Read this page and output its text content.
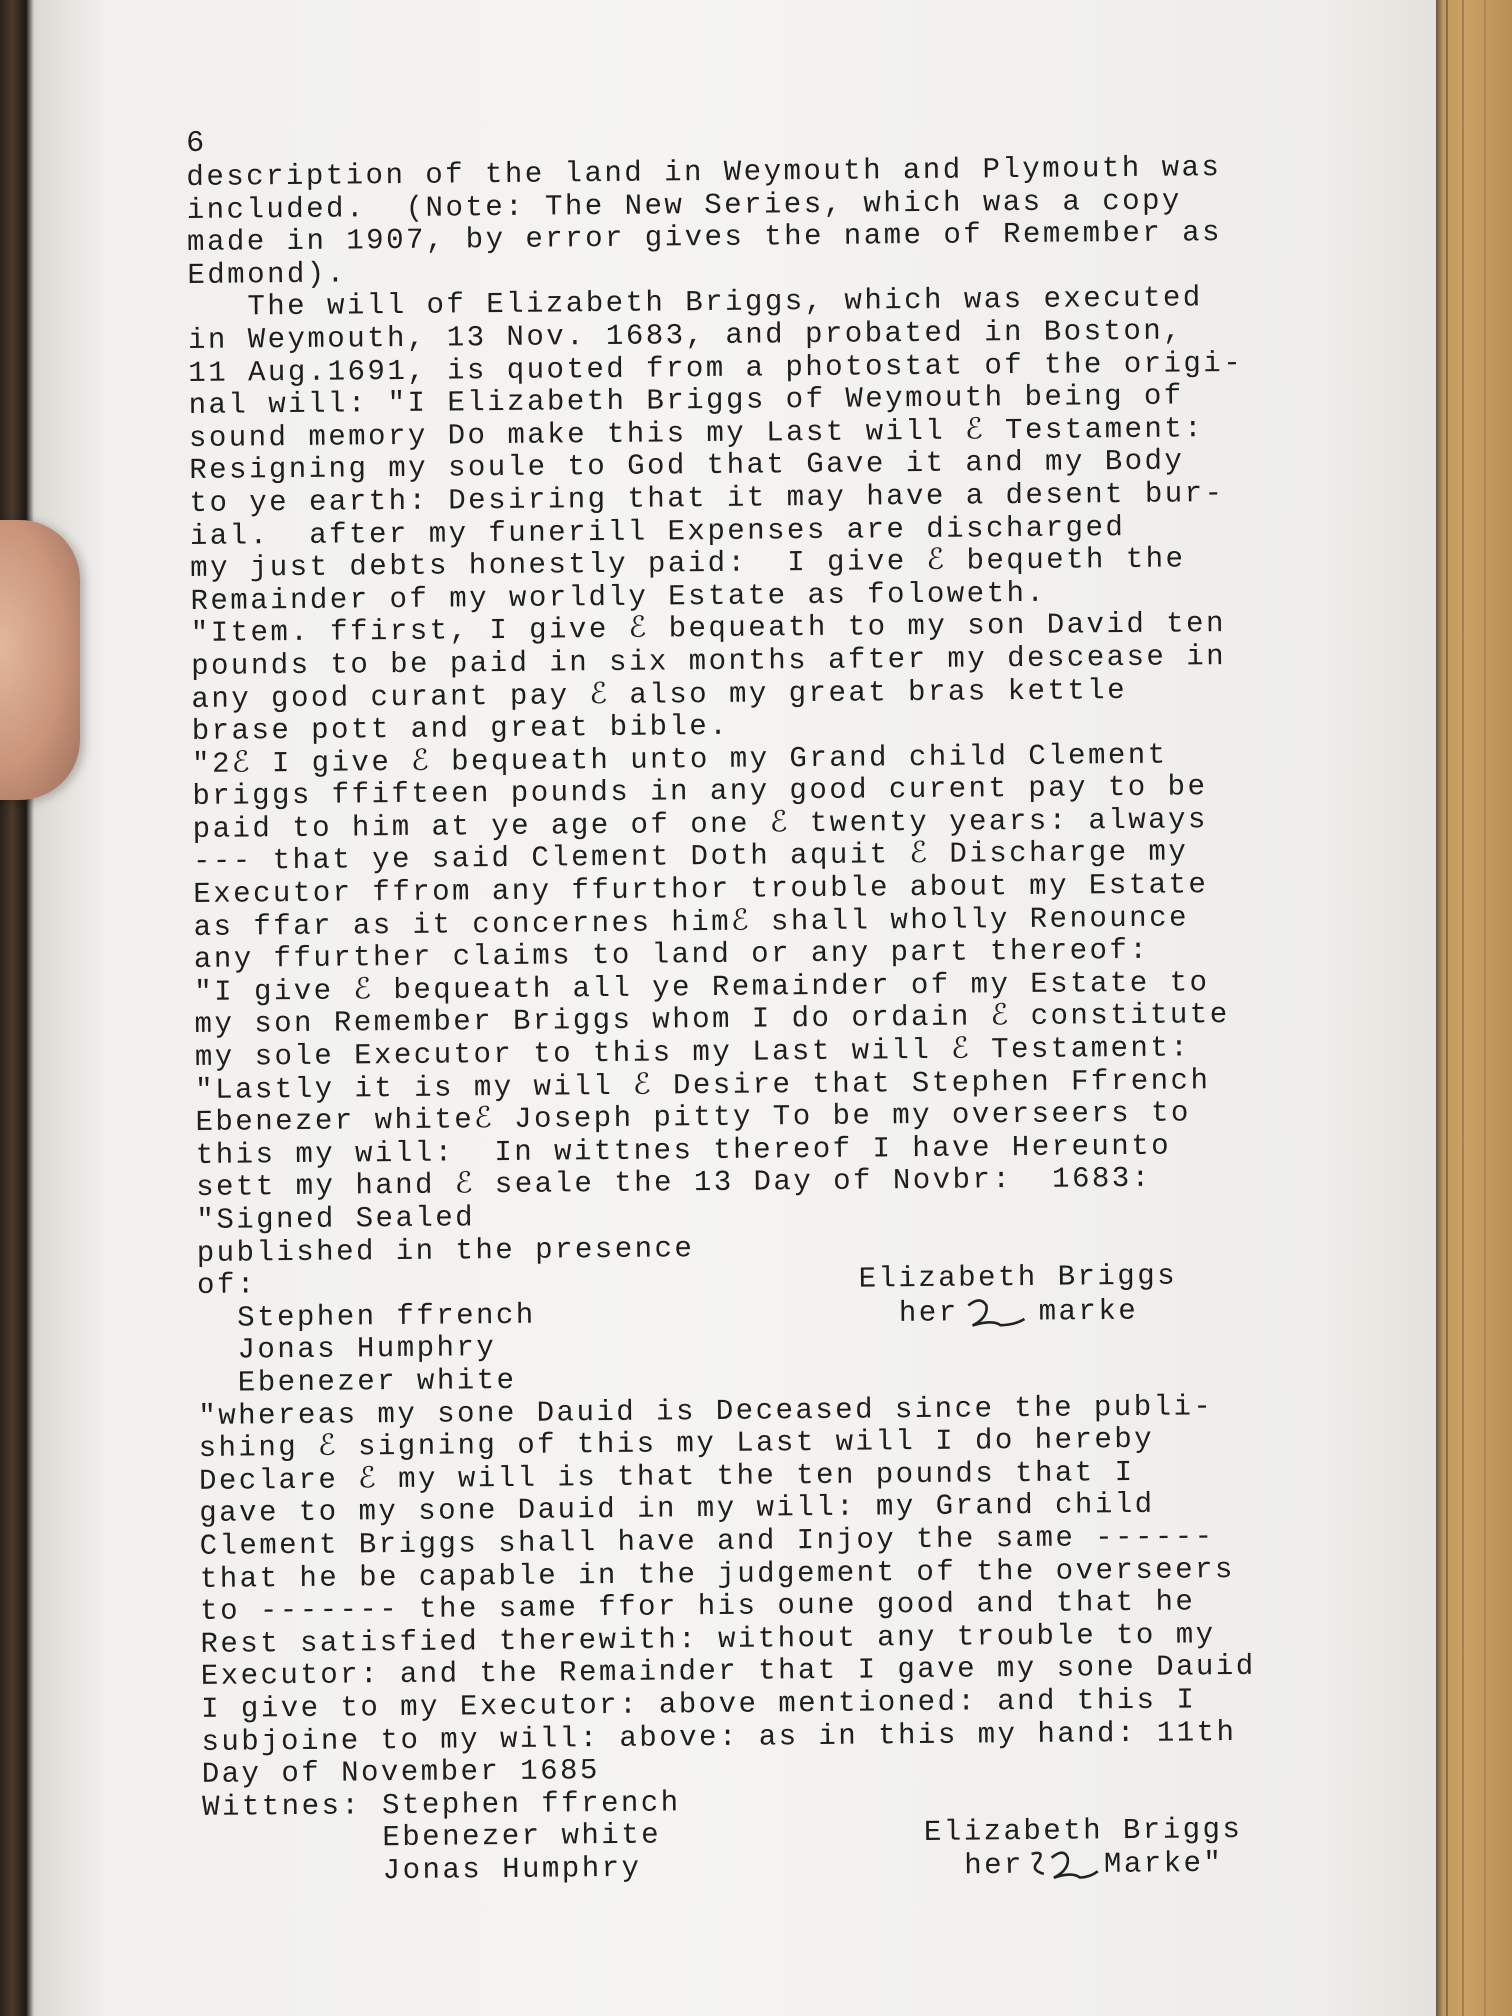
6
description of the land in Weymouth and Plymouth was
included.  (Note: The New Series, which was a copy
made in 1907, by error gives the name of Remember as
Edmond).
The will of Elizabeth Briggs, which was executed
in Weymouth, 13 Nov. 1683, and probated in Boston,
11 Aug.1691, is quoted from a photostat of the origi-
nal will: "I Elizabeth Briggs of Weymouth being of
sound memory Do make this my Last will ℰ Testament:
Resigning my soule to God that Gave it and my Body
to ye earth: Desiring that it may have a desent bur-
ial.  after my funerill Expenses are discharged
my just debts honestly paid:  I give ℰ bequeth the
Remainder of my worldly Estate as foloweth.
"Item. ffirst, I give ℰ bequeath to my son David ten
pounds to be paid in six months after my descease in
any good curant pay ℰ also my great bras kettle
brase pott and great bible.
"2ℰ I give ℰ bequeath unto my Grand child Clement
briggs ffifteen pounds in any good curent pay to be
paid to him at ye age of one ℰ twenty years: always
--- that ye said Clement Doth aquit ℰ Discharge my
Executor ffrom any ffurthor trouble about my Estate
as ffar as it concernes himℰ shall wholly Renounce
any ffurther claims to land or any part thereof:
"I give ℰ bequeath all ye Remainder of my Estate to
my son Remember Briggs whom I do ordain ℰ constitute
my sole Executor to this my Last will ℰ Testament:
"Lastly it is my will ℰ Desire that Stephen Ffrench
Ebenezer whiteℰ Joseph pitty To be my overseers to
this my will:  In wittnes thereof I have Hereunto
sett my hand ℰ seale the 13 Day of Novbr:  1683:
"Signed Sealed
published in the presence
of:
Stephen ffrench
Jonas Humphry
Ebenezer white
Elizabeth Briggs
her	marke
"whereas my sone Dauid is Deceased since the publi-
shing ℰ signing of this my Last will I do hereby
Declare ℰ my will is that the ten pounds that I
gave to my sone Dauid in my will: my Grand child
Clement Briggs shall have and Injoy the same ------
that he be capable in the judgement of the overseers
to ------- the same ffor his oune good and that he
Rest satisfied therewith: without any trouble to my
Executor: and the Remainder that I gave my sone Dauid
I give to my Executor: above mentioned: and this I
subjoine to my will: above: as in this my hand: 11th
Day of November 1685
Wittnes: Stephen ffrench
Ebenezer white
Jonas Humphry
Elizabeth Briggs
her	Marke"
